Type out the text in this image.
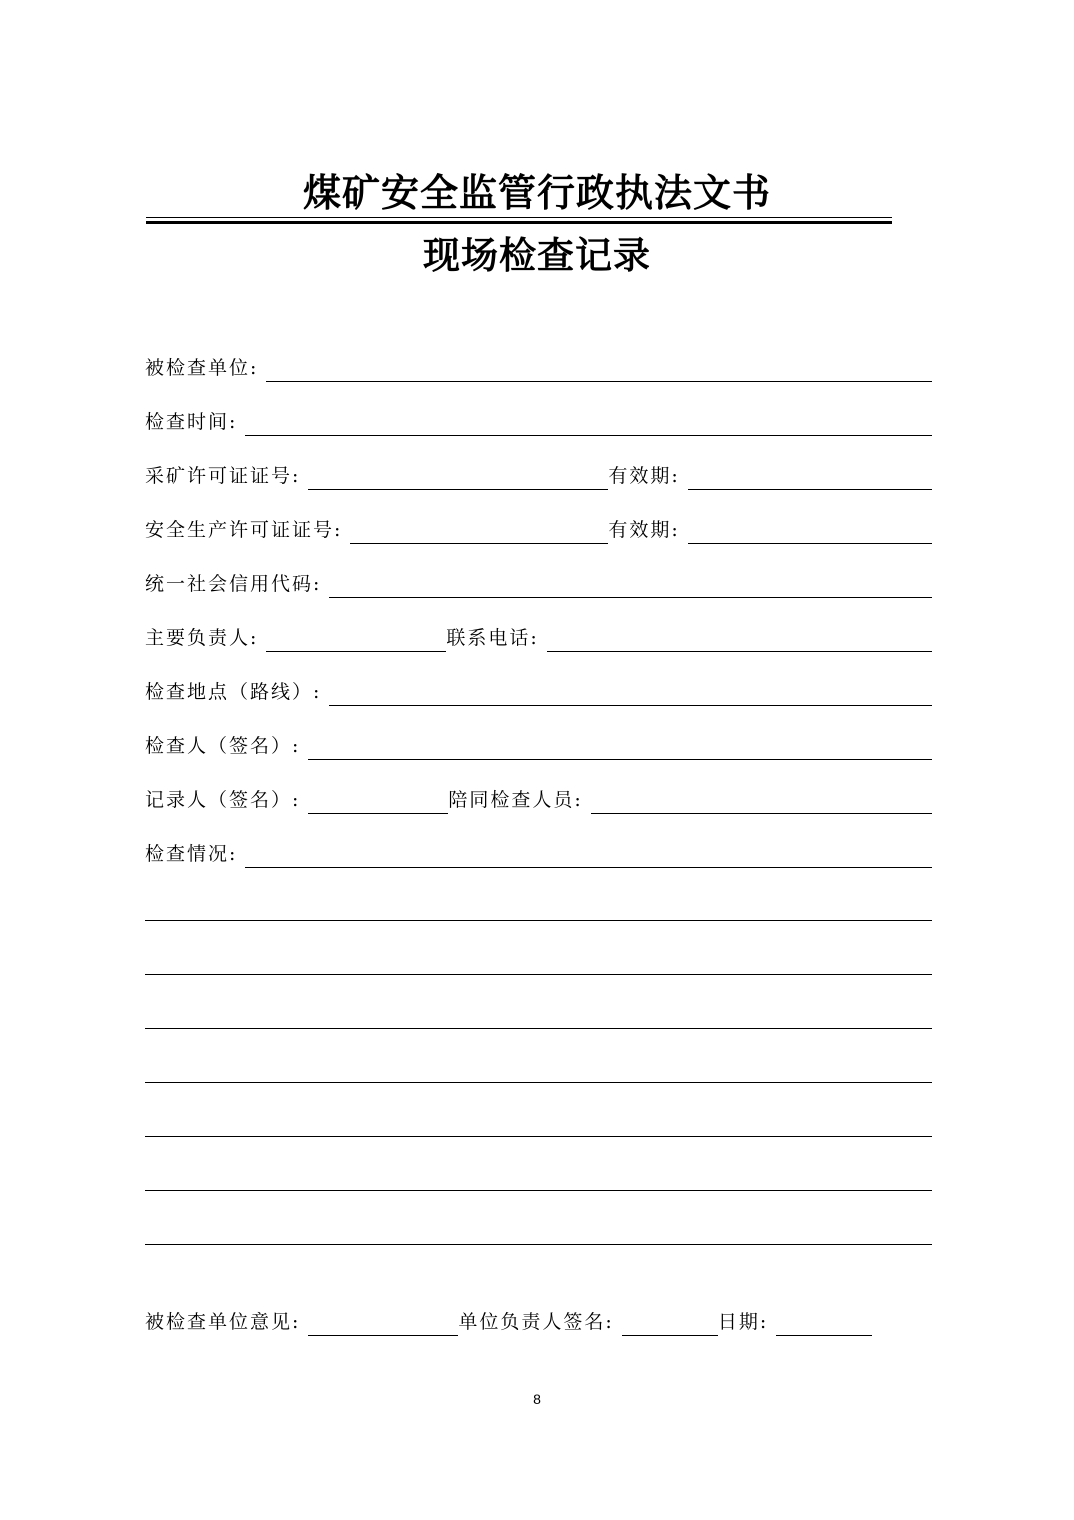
煤矿安全监管行政执法文书
现场检查记录
被检查单位:
检查时间:
采矿许可证证号:	有效期:
安全生产许可证证号:	有效期:
统一社会信用代码:
主要负责人:	联系电话:
检查地点（路线）:
检查人（签名）:
记录人（签名）:	陪同检查人员:
检查情况:
被检查单位意见:	单位负责人签名:	日期:
8
